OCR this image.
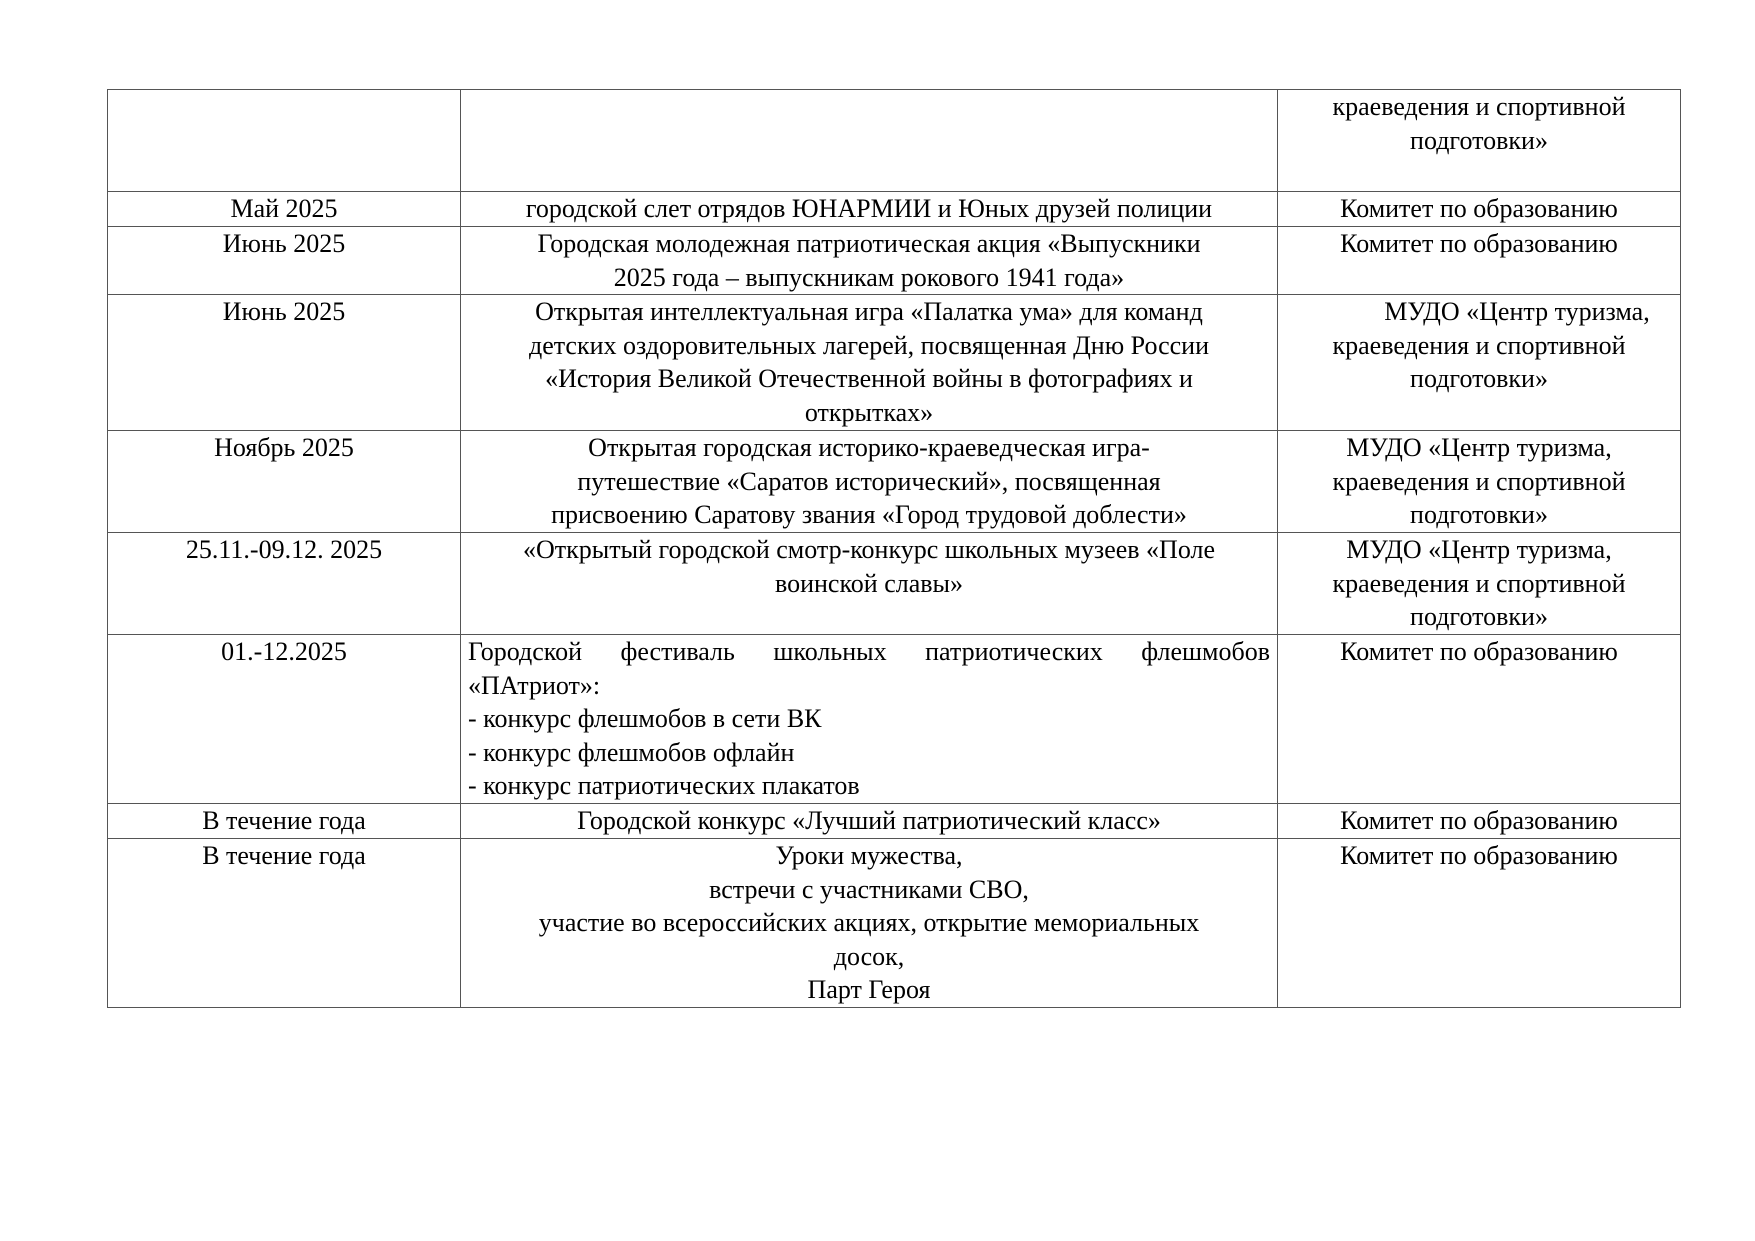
		краеведения и спортивной
подготовки»

Май 2025	городской слет отрядов ЮНАРМИИ и Юных друзей полиции	Комитет по образованию

Июнь 2025	Городская молодежная патриотическая акция «Выпускники
2025 года – выпускникам рокового 1941 года»	Комитет по образованию

Июнь 2025	Открытая интеллектуальная игра «Палатка ума» для команд
детских оздоровительных лагерей, посвященная Дню России
«История Великой Отечественной войны в фотографиях и
открытках»	МУДО «Центр туризма,
краеведения и спортивной
подготовки»

Ноябрь 2025	Открытая городская историко-краеведческая игра-
путешествие «Саратов исторический», посвященная
присвоению Саратову звания «Город трудовой доблести»	МУДО «Центр туризма,
краеведения и спортивной
подготовки»

25.11.-09.12. 2025	«Открытый городской смотр-конкурс школьных музеев «Поле
воинской славы»	МУДО «Центр туризма,
краеведения и спортивной
подготовки»

01.-12.2025	Городской фестиваль школьных патриотических флешмобов
«ПАтриот»:
- конкурс флешмобов в сети ВК
- конкурс флешмобов офлайн
- конкурс патриотических плакатов	Комитет по образованию

В течение года	Городской конкурс «Лучший патриотический класс»	Комитет по образованию

В течение года	Уроки мужества,
встречи с участниками СВО,
участие во всероссийских акциях, открытие мемориальных
досок,
Парт Героя	Комитет по образованию
